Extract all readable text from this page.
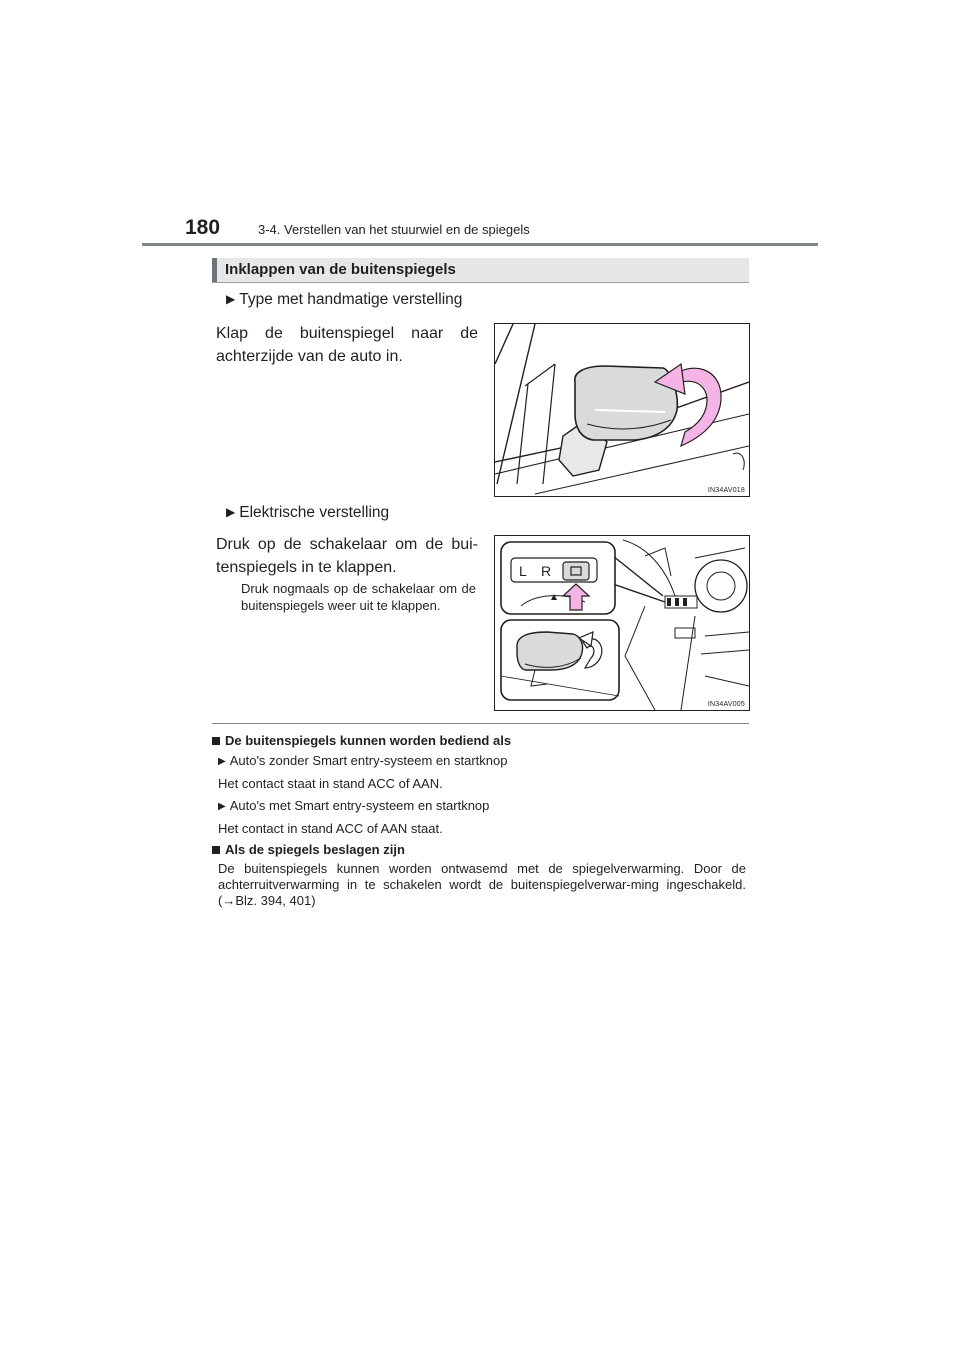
180	3-4. Verstellen van het stuurwiel en de spiegels
Inklappen van de buitenspiegels
▶ Type met handmatige verstelling
Klap de buitenspiegel naar de achterzijde van de auto in.
IN34AV018
▶ Elektrische verstelling
Druk op de schakelaar om de bui-tenspiegels in te klappen.
Druk nogmaals op de schakelaar om de buitenspiegels weer uit te klappen.
L R
IN34AV005
De buitenspiegels kunnen worden bediend als
▶ Auto's zonder Smart entry-systeem en startknop
Het contact staat in stand ACC of AAN.
▶ Auto's met Smart entry-systeem en startknop
Het contact in stand ACC of AAN staat.
Als de spiegels beslagen zijn
De buitenspiegels kunnen worden ontwasemd met de spiegelverwarming. Door de achterruitverwarming in te schakelen wordt de buitenspiegelverwar-ming ingeschakeld. (→Blz. 394, 401)
